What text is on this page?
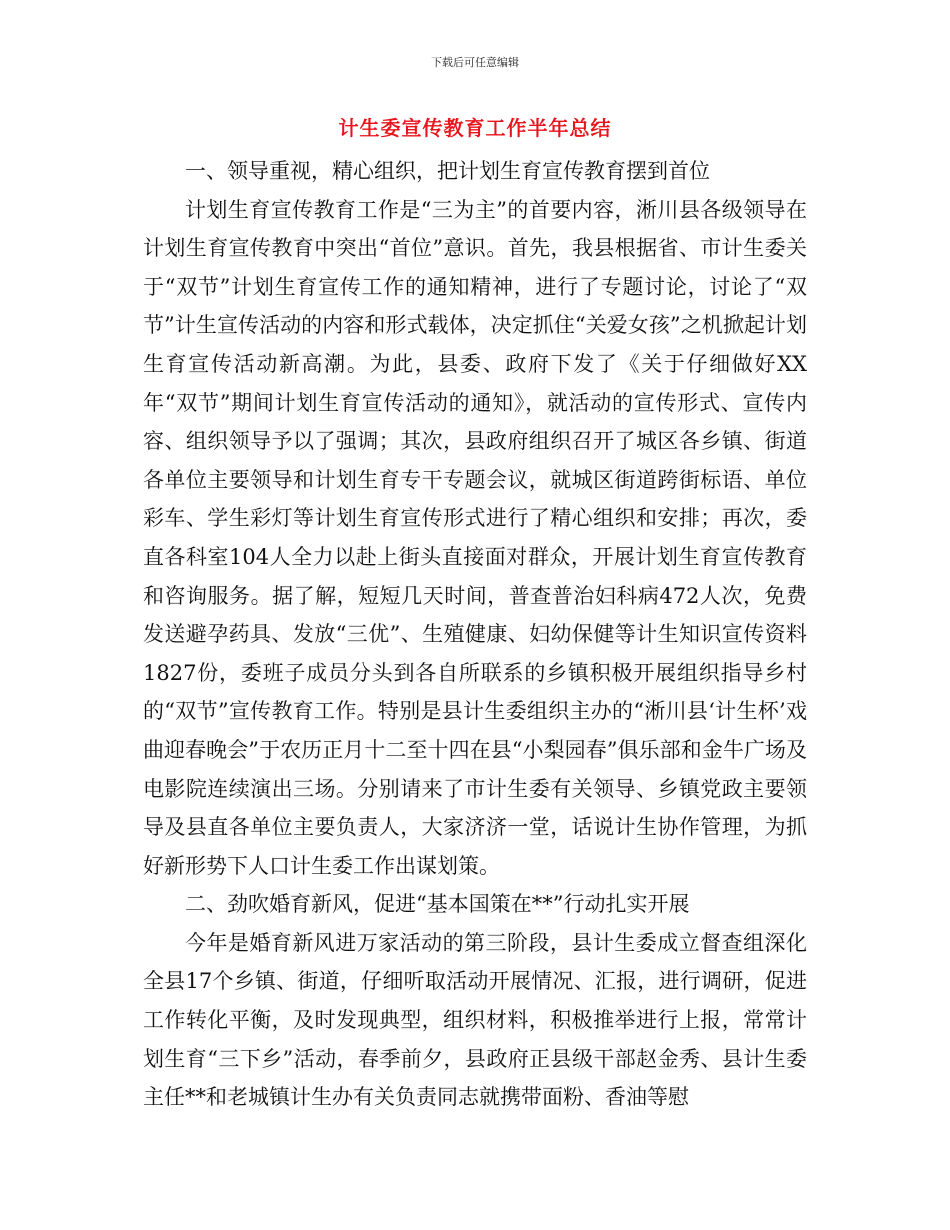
下载后可任意编辑
计生委宣传教育工作半年总结

一、领导重视，精心组织，把计划生育宣传教育摆到首位

计划生育宣传教育工作是“三为主”的首要内容，淅川县各级领导在计划生育宣传教育中突出“首位”意识。首先，我县根据省、市计生委关于“双节”计划生育宣传工作的通知精神，进行了专题讨论，讨论了“双节”计生宣传活动的内容和形式载体，决定抓住“关爱女孩”之机掀起计划生育宣传活动新高潮。为此，县委、政府下发了《关于仔细做好XX年“双节”期间计划生育宣传活动的通知》，就活动的宣传形式、宣传内容、组织领导予以了强调；其次，县政府组织召开了城区各乡镇、街道各单位主要领导和计划生育专干专题会议，就城区街道跨街标语、单位彩车、学生彩灯等计划生育宣传形式进行了精心组织和安排；再次，委直各科室104人全力以赴上街头直接面对群众，开展计划生育宣传教育和咨询服务。据了解，短短几天时间，普查普治妇科病472人次，免费发送避孕药具、发放“三优”、生殖健康、妇幼保健等计生知识宣传资料1827份，委班子成员分头到各自所联系的乡镇积极开展组织指导乡村的“双节”宣传教育工作。特别是县计生委组织主办的“淅川县‘计生杯’戏曲迎春晚会”于农历正月十二至十四在县“小梨园春”俱乐部和金牛广场及电影院连续演出三场。分别请来了市计生委有关领导、乡镇党政主要领导及县直各单位主要负责人，大家济济一堂，话说计生协作管理，为抓好新形势下人口计生委工作出谋划策。

二、劲吹婚育新风，促进“基本国策在**”行动扎实开展

今年是婚育新风进万家活动的第三阶段，县计生委成立督查组深化全县17个乡镇、街道，仔细听取活动开展情况、汇报，进行调研，促进工作转化平衡，及时发现典型，组织材料，积极推举进行上报，常常计划生育“三下乡”活动，春季前夕，县政府正县级干部赵金秀、县计生委主任**和老城镇计生办有关负责同志就携带面粉、香油等慰
